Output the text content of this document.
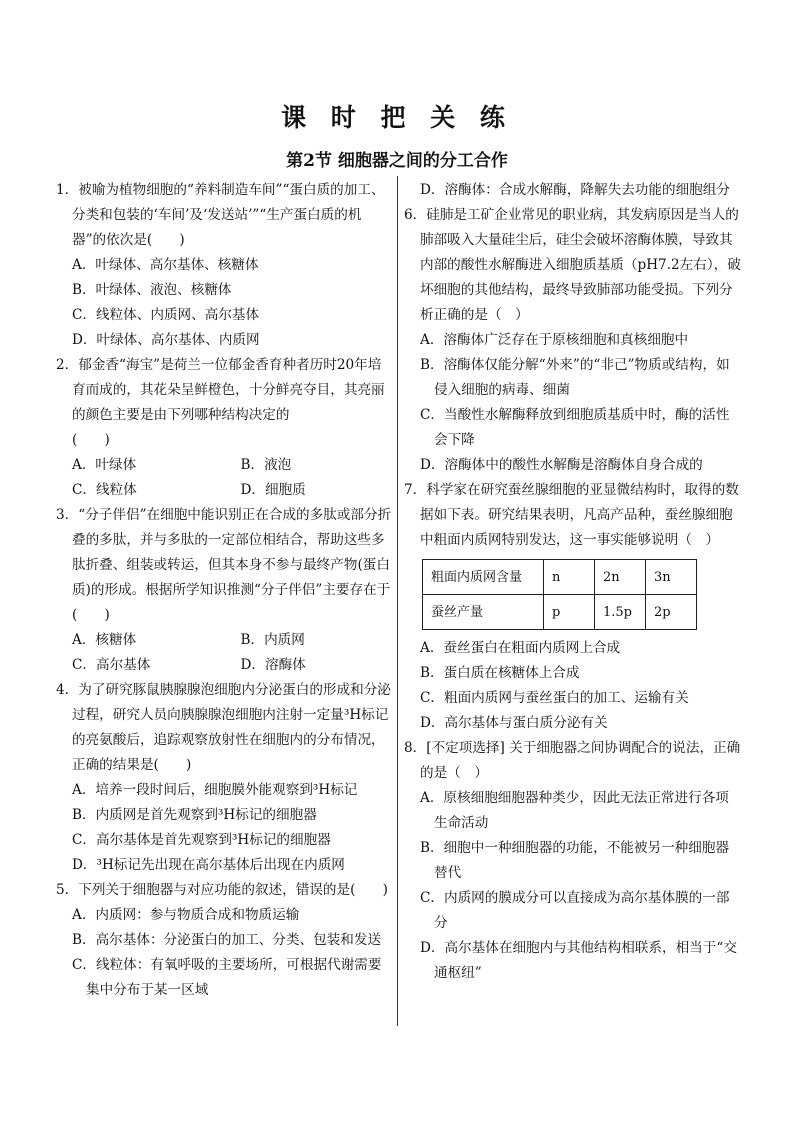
课 时 把 关 练
第2节 细胞器之间的分工合作
1．被喻为植物细胞的“养料制造车间”“蛋白质的加工、分类和包装的‘车间’及‘发送站’”“生产蛋白质的机器”的依次是(　　)
A．叶绿体、高尔基体、核糖体
B．叶绿体、液泡、核糖体
C．线粒体、内质网、高尔基体
D．叶绿体、高尔基体、内质网
2．郁金香“海宝”是荷兰一位郁金香育种者历时20年培育而成的，其花朵呈鲜橙色，十分鲜亮夺目，其亮丽的颜色主要是由下列哪种结构决定的
(　　)
A．叶绿体	B．液泡
C．线粒体	D．细胞质
3．“分子伴侣”在细胞中能识别正在合成的多肽或部分折叠的多肽，并与多肽的一定部位相结合，帮助这些多肽折叠、组装或转运，但其本身不参与最终产物(蛋白质)的形成。根据所学知识推测“分子伴侣”主要存在于(　　)
A．核糖体	B．内质网
C．高尔基体	D．溶酶体
4．为了研究豚鼠胰腺腺泡细胞内分泌蛋白的形成和分泌过程，研究人员向胰腺腺泡细胞内注射一定量³H标记的亮氨酸后，追踪观察放射性在细胞内的分布情况，正确的结果是(　　)
A．培养一段时间后，细胞膜外能观察到³H标记
B．内质网是首先观察到³H标记的细胞器
C．高尔基体是首先观察到³H标记的细胞器
D．³H标记先出现在高尔基体后出现在内质网
5．下列关于细胞器与对应功能的叙述，错误的是(　　)
A．内质网：参与物质合成和物质运输
B．高尔基体：分泌蛋白的加工、分类、包装和发送
C．线粒体：有氧呼吸的主要场所，可根据代谢需要集中分布于某一区域
D．溶酶体：合成水解酶，降解失去功能的细胞组分
6．硅肺是工矿企业常见的职业病，其发病原因是当人的肺部吸入大量硅尘后，硅尘会破坏溶酶体膜，导致其内部的酸性水解酶进入细胞质基质（pH7.2左右），破坏细胞的其他结构，最终导致肺部功能受损。下列分析正确的是（　）
A．溶酶体广泛存在于原核细胞和真核细胞中
B．溶酶体仅能分解“外来”的“非己”物质或结构，如侵入细胞的病毒、细菌
C．当酸性水解酶释放到细胞质基质中时，酶的活性会下降
D．溶酶体中的酸性水解酶是溶酶体自身合成的
7．科学家在研究蚕丝腺细胞的亚显微结构时，取得的数据如下表。研究结果表明，凡高产品种，蚕丝腺细胞中粗面内质网特别发达，这一事实能够说明（　）
粗面内质网含量	n	2n	3n
蚕丝产量	p	1.5p	2p
A．蚕丝蛋白在粗面内质网上合成
B．蛋白质在核糖体上合成
C．粗面内质网与蚕丝蛋白的加工、运输有关
D．高尔基体与蛋白质分泌有关
8．[不定项选择] 关于细胞器之间协调配合的说法，正确的是（　）
A．原核细胞细胞器种类少，因此无法正常进行各项生命活动
B．细胞中一种细胞器的功能，不能被另一种细胞器替代
C．内质网的膜成分可以直接成为高尔基体膜的一部分
D．高尔基体在细胞内与其他结构相联系，相当于“交通枢纽”
